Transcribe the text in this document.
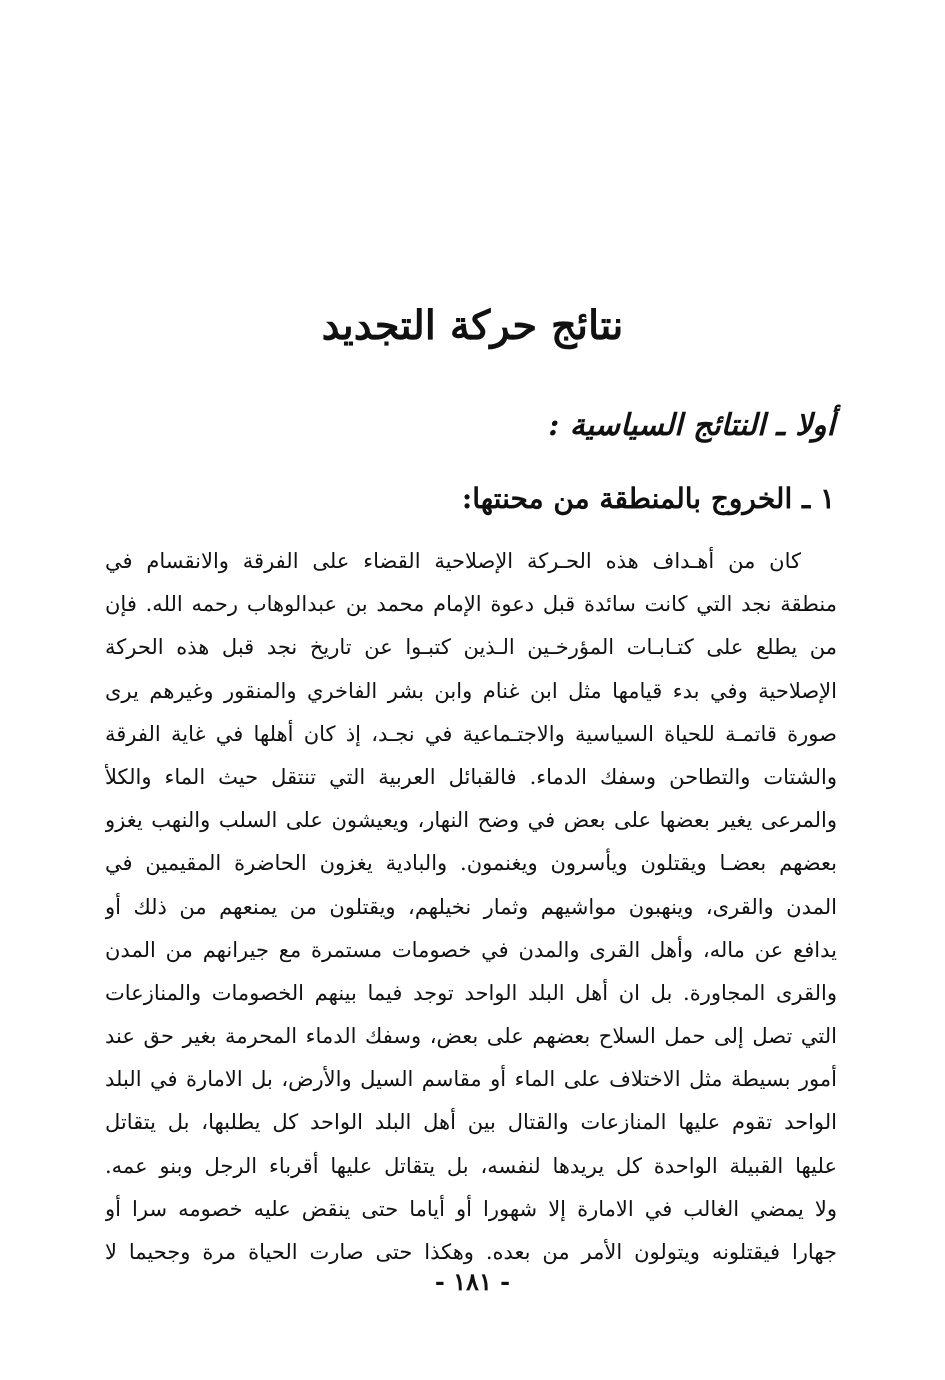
نتائج حركة التجديد
أولا ـ النتائج السياسية :
١ ـ الخروج بالمنطقة من محنتها:
كان من أهـداف هذه الحـركة الإصلاحية القضاء على الفرقة والانقسام في
منطقة نجد التي كانت سائدة قبل دعوة الإمام محمد بن عبدالوهاب رحمه الله. فإن
من يطلع على كتـابـات المؤرخـين الـذين كتبـوا عن تاريخ نجد قبل هذه الحركة
الإصلاحية وفي بدء قيامها مثل ابن غنام وابن بشر الفاخري والمنقور وغيرهم يرى
صورة قاتمـة للحياة السياسية والاجتـماعية في نجـد، إذ كان أهلها في غاية الفرقة
والشتات والتطاحن وسفك الدماء. فالقبائل العربية التي تنتقل حيث الماء والكلأ
والمرعى يغير بعضها على بعض في وضح النهار، ويعيشون على السلب والنهب يغزو
بعضهم بعضـا ويقتلون ويأسرون ويغنمون. والبادية يغزون الحاضرة المقيمين في
المدن والقرى، وينهبون مواشيهم وثمار نخيلهم، ويقتلون من يمنعهم من ذلك أو
يدافع عن ماله، وأهل القرى والمدن في خصومات مستمرة مع جيرانهم من المدن
والقرى المجاورة. بل ان أهل البلد الواحد توجد فيما بينهم الخصومات والمنازعات
التي تصل إلى حمل السلاح بعضهم على بعض، وسفك الدماء المحرمة بغير حق عند
أمور بسيطة مثل الاختلاف على الماء أو مقاسم السيل والأرض، بل الامارة في البلد
الواحد تقوم عليها المنازعات والقتال بين أهل البلد الواحد كل يطلبها، بل يتقاتل
عليها القبيلة الواحدة كل يريدها لنفسه، بل يتقاتل عليها أقرباء الرجل وبنو عمه.
ولا يمضي الغالب في الامارة إلا شهورا أو أياما حتى ينقض عليه خصومه سرا أو
جهارا فيقتلونه ويتولون الأمر من بعده. وهكذا حتى صارت الحياة مرة وجحيما لا
- ١٨١ -
